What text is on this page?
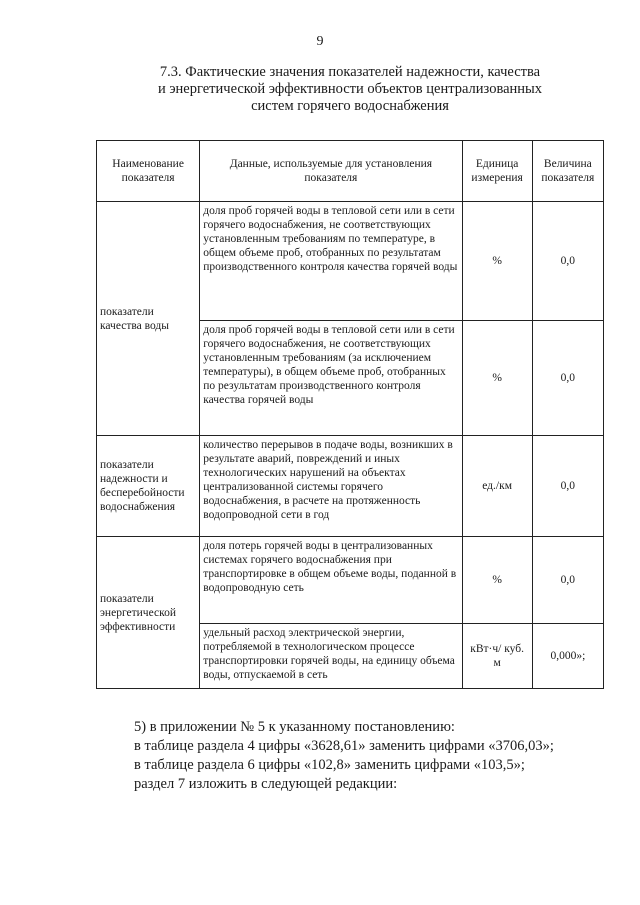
9
7.3. Фактические значения показателей надежности, качества
и энергетической эффективности объектов централизованных
систем горячего водоснабжения
Наименование показателя	Данные, используемые для установления показателя	Единица измерения	Величина показателя
показатели качества воды	доля проб горячей воды в тепловой сети или в сети горячего водоснабжения, не соответствующих установленным требованиям по температуре, в общем объеме проб, отобранных по результатам производственного контроля качества горячей воды	%	0,0
	доля проб горячей воды в тепловой сети или в сети горячего водоснабжения, не соответствующих установленным требованиям (за исключением температуры), в общем объеме проб, отобранных по результатам производственного контроля качества горячей воды	%	0,0
показатели надежности и бесперебойности водоснабжения	количество перерывов в подаче воды, возникших в результате аварий, повреждений и иных технологических нарушений на объектах централизованной системы горячего водоснабжения, в расчете на протяженность водопроводной сети в год	ед./км	0,0
показатели энергетической эффективности	доля потерь горячей воды в централизованных системах горячего водоснабжения при транспортировке в общем объеме воды, поданной в водопроводную сеть	%	0,0
	удельный расход электрической энергии, потребляемой в технологическом процессе транспортировки горячей воды, на единицу объема воды, отпускаемой в сеть	кВт·ч/ куб. м	0,000»;

5) в приложении № 5 к указанному постановлению:

в таблице раздела 4 цифры «3628,61» заменить цифрами «3706,03»;

в таблице раздела 6 цифры «102,8» заменить цифрами «103,5»;

раздел 7 изложить в следующей редакции:
